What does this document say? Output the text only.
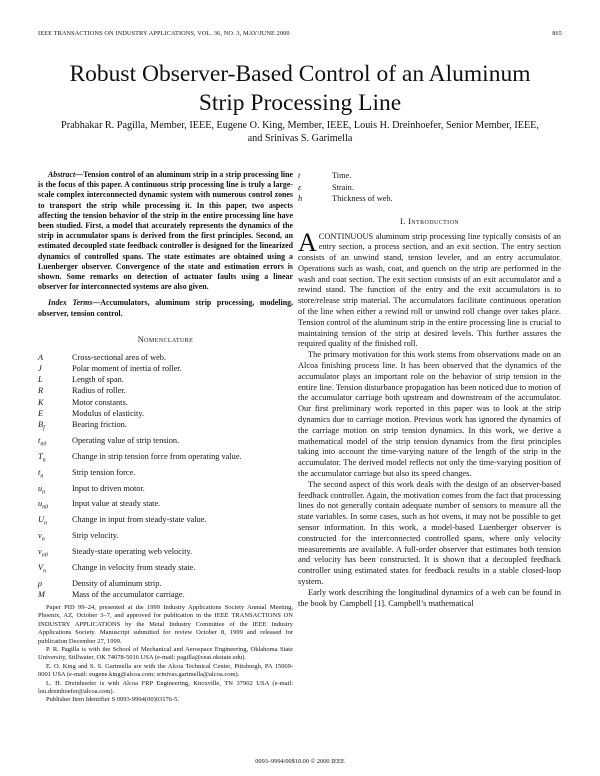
IEEE TRANSACTIONS ON INDUSTRY APPLICATIONS, VOL. 36, NO. 3, MAY/JUNE 2000	865
Robust Observer-Based Control of an Aluminum
Strip Processing Line
Prabhakar R. Pagilla, Member, IEEE, Eugene O. King, Member, IEEE, Louis H. Dreinhoefer, Senior Member, IEEE,
and Srinivas S. Garimella

Abstract—Tension control of an aluminum strip in a strip processing line is the focus of this paper. A continuous strip processing line is truly a large-scale complex interconnected dynamic system with numerous control zones to transport the strip while processing it. In this paper, two aspects affecting the tension behavior of the strip in the entire processing line have been studied. First, a model that accurately represents the dynamics of the strip in accumulator spans is derived from the first principles. Second, an estimated decoupled state feedback controller is designed for the linearized dynamics of controlled spans. The state estimates are obtained using a Luenberger observer. Convergence of the state and estimation errors is shown. Some remarks on detection of actuator faults using a linear observer for interconnected systems are also given.

Index Terms—Accumulators, aluminum strip processing, modeling, observer, tension control.

Nomenclature
A	Cross-sectional area of web.
J	Polar moment of inertia of roller.
L	Length of span.
R	Radius of roller.
K	Motor constants.
E	Modulus of elasticity.
$B_f$	Bearing friction.
$t_{n0}$	Operating value of strip tension.
$T_n$	Change in strip tension force from operating value.
$t_n$	Strip tension force.
$u_n$	Input to driven motor.
$u_{n0}$	Input value at steady state.
$U_n$	Change in input from steady-state value.
$v_n$	Strip velocity.
$v_{n0}$	Steady-state operating web velocity.
$V_n$	Change in velocity from steady state.
ρ	Density of aluminum strip.
M	Mass of the accumulator carriage.

Paper PID 99–24, presented at the 1999 Industry Applications Society Annual Meeting, Phoenix, AZ, October 3–7, and approved for publication in the IEEE TRANSACTIONS ON INDUSTRY APPLICATIONS by the Metal Industry Committee of the IEEE Industry Applications Society. Manuscript submitted for review October 8, 1999 and released for publication December 27, 1999.

P. R. Pagilla is with the School of Mechanical and Aerospace Engineering, Oklahoma State University, Stillwater, OK 74078-5016 USA (e-mail: pagilla@ceat.okstate.edu).

E. O. King and S. S. Garimella are with the Alcoa Technical Center, Pittsburgh, PA 15069-0001 USA (e-mail: eugene.king@alcoa.com; srinivas.garimella@alcoa.com).

L. H. Dreinhoefer is with Alcoa FRP Engineering, Knoxville, TN 37902 USA (e-mail: lou.dreinhoefer@alcoa.com).

Publisher Item Identifier S 0093-9994(00)03176-5.

t	Time.
ε	Strain.
h	Thickness of web.
I. Introduction

ACONTINUOUS aluminum strip processing line typically consists of an entry section, a process section, and an exit section. The entry section consists of an unwind stand, tension leveler, and an entry accumulator. Operations such as wash, coat, and quench on the strip are performed in the wash and coat section. The exit section consists of an exit accumulator and a rewind stand. The function of the entry and the exit accumulators is to store/release strip material. The accumulators facilitate continuous operation of the line when either a rewind roll or unwind roll change over takes place. Tension control of the aluminum strip in the entire processing line is crucial to maintaining tension of the strip at desired levels. This further assures the required quality of the finished roll.

The primary motivation for this work stems from observations made on an Alcoa finishing process line. It has been observed that the dynamics of the accumulator plays an important role on the behavior of strip tension in the entire line. Tension disturbance propagation has been noticed due to motion of the accumulator carriage both upstream and downstream of the accumulator. Our first preliminary work reported in this paper was to look at the strip dynamics due to carriage motion. Previous work has ignored the dynamics of the carriage motion on strip tension dynamics. In this work, we derive a mathematical model of the strip tension dynamics from the first principles taking into account the time-varying nature of the length of the strip in the accumulator. The derived model reflects not only the time-varying position of the accumulator carriage but also its speed changes.

The second aspect of this work deals with the design of an observer-based feedback controller. Again, the motivation comes from the fact that processing lines do not generally contain adequate number of sensors to measure all the state variables. In some cases, such as hot ovens, it may not be possible to get sensor information. In this work, a model-based Luenberger observer is constructed for the interconnected controlled spans, where only velocity measurements are available. A full-order observer that estimates both tension and velocity has been constructed. It is shown that a decoupled feedback controller using estimated states for feedback results in a stable closed-loop system.

Early work describing the longitudinal dynamics of a web can be found in the book by Campbell [1]. Campbell’s mathematical

0093–9994/00$10.00 © 2000 IEEE
